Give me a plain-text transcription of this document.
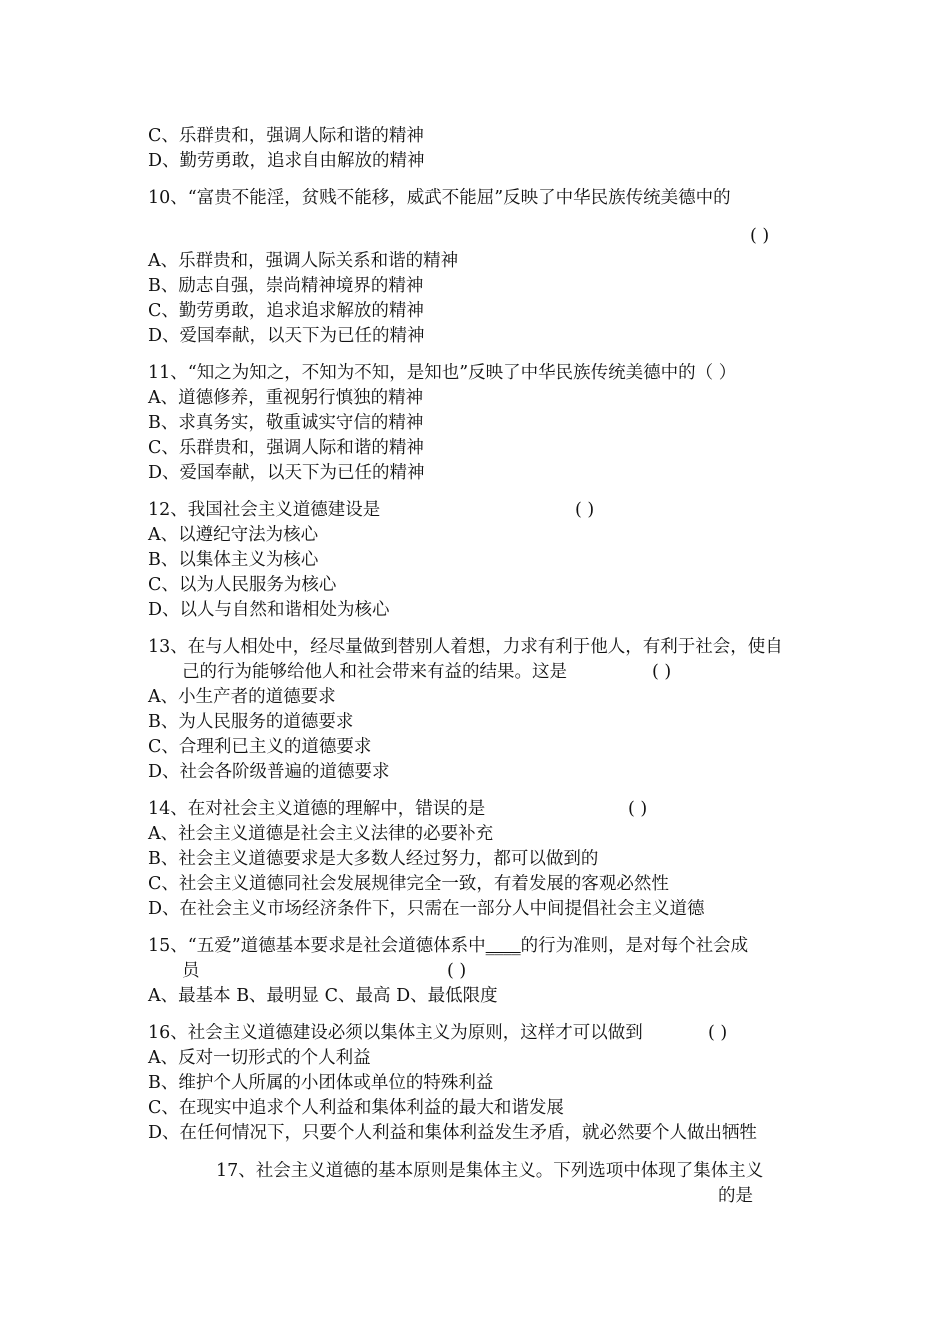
C、乐群贵和，强调人际和谐的精神
D、勤劳勇敢，追求自由解放的精神
10、“富贵不能淫，贫贱不能移，威武不能屈”反映了中华民族传统美德中的
( )
A、乐群贵和，强调人际关系和谐的精神
B、励志自强，崇尚精神境界的精神
C、勤劳勇敢，追求追求解放的精神
D、爱国奉献，以天下为已任的精神
11、“知之为知之，不知为不知，是知也”反映了中华民族传统美德中的（ ）
A、道德修养，重视躬行慎独的精神
B、求真务实，敬重诚实守信的精神
C、乐群贵和，强调人际和谐的精神
D、爱国奉献，以天下为已任的精神
12、我国社会主义道德建设是	( )
A、以遵纪守法为核心
B、以集体主义为核心
C、以为人民服务为核心
D、以人与自然和谐相处为核心
13、在与人相处中，经尽量做到替别人着想，力求有利于他人，有利于社会，使自
己的行为能够给他人和社会带来有益的结果。这是	( )
A、小生产者的道德要求
B、为人民服务的道德要求
C、合理利已主义的道德要求
D、社会各阶级普遍的道德要求
14、在对社会主义道德的理解中，错误的是	( )
A、社会主义道德是社会主义法律的必要补充
B、社会主义道德要求是大多数人经过努力，都可以做到的
C、社会主义道德同社会发展规律完全一致，有着发展的客观必然性
D、在社会主义市场经济条件下，只需在一部分人中间提倡社会主义道德
15、“五爱”道德基本要求是社会道德体系中____的行为准则，是对每个社会成
员	( )
A、最基本 B、最明显 C、最高 D、最低限度
16、社会主义道德建设必须以集体主义为原则，这样才可以做到	( )
A、反对一切形式的个人利益
B、维护个人所属的小团体或单位的特殊利益
C、在现实中追求个人利益和集体利益的最大和谐发展
D、在任何情况下，只要个人利益和集体利益发生矛盾，就必然要个人做出牺牲
17、社会主义道德的基本原则是集体主义。下列选项中体现了集体主义
的是
